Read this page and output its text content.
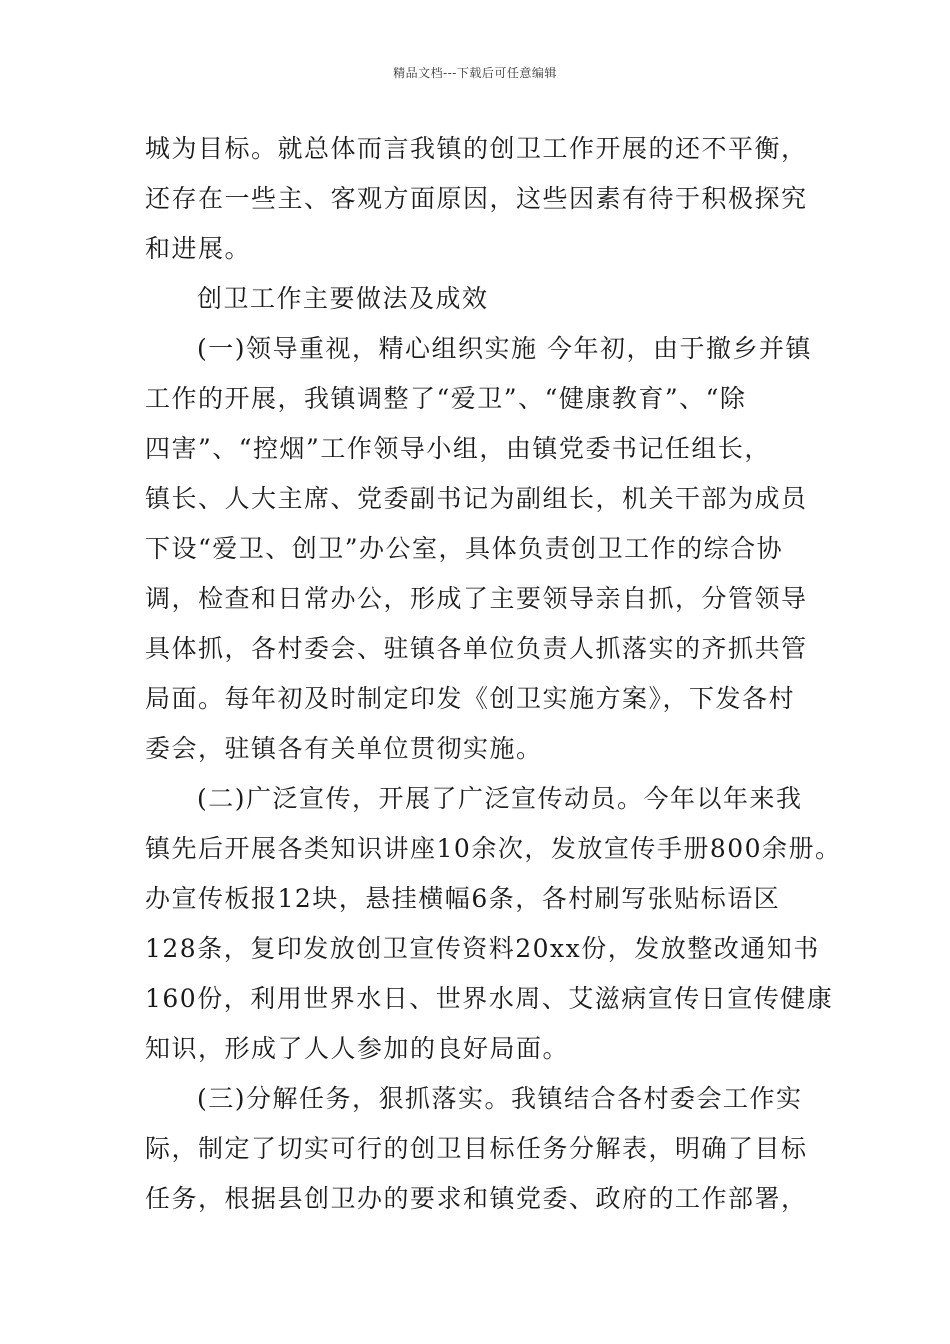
精品文档---下载后可任意编辑
城为目标。就总体而言我镇的创卫工作开展的还不平衡，
还存在一些主、客观方面原因，这些因素有待于积极探究
和进展。
创卫工作主要做法及成效
(一)领导重视，精心组织实施 今年初，由于撤乡并镇
工作的开展，我镇调整了“爱卫”、“健康教育”、“除
四害”、“控烟”工作领导小组，由镇党委书记任组长，
镇长、人大主席、党委副书记为副组长，机关干部为成员
下设“爱卫、创卫”办公室，具体负责创卫工作的综合协
调，检查和日常办公，形成了主要领导亲自抓，分管领导
具体抓，各村委会、驻镇各单位负责人抓落实的齐抓共管
局面。每年初及时制定印发《创卫实施方案》，下发各村
委会，驻镇各有关单位贯彻实施。
(二)广泛宣传，开展了广泛宣传动员。今年以年来我
镇先后开展各类知识讲座10余次，发放宣传手册800余册。
办宣传板报12块，悬挂横幅6条，各村刷写张贴标语区
128条，复印发放创卫宣传资料20xx份，发放整改通知书
160份，利用世界水日、世界水周、艾滋病宣传日宣传健康
知识，形成了人人参加的良好局面。
(三)分解任务，狠抓落实。我镇结合各村委会工作实
际，制定了切实可行的创卫目标任务分解表，明确了目标
任务，根据县创卫办的要求和镇党委、政府的工作部署，
